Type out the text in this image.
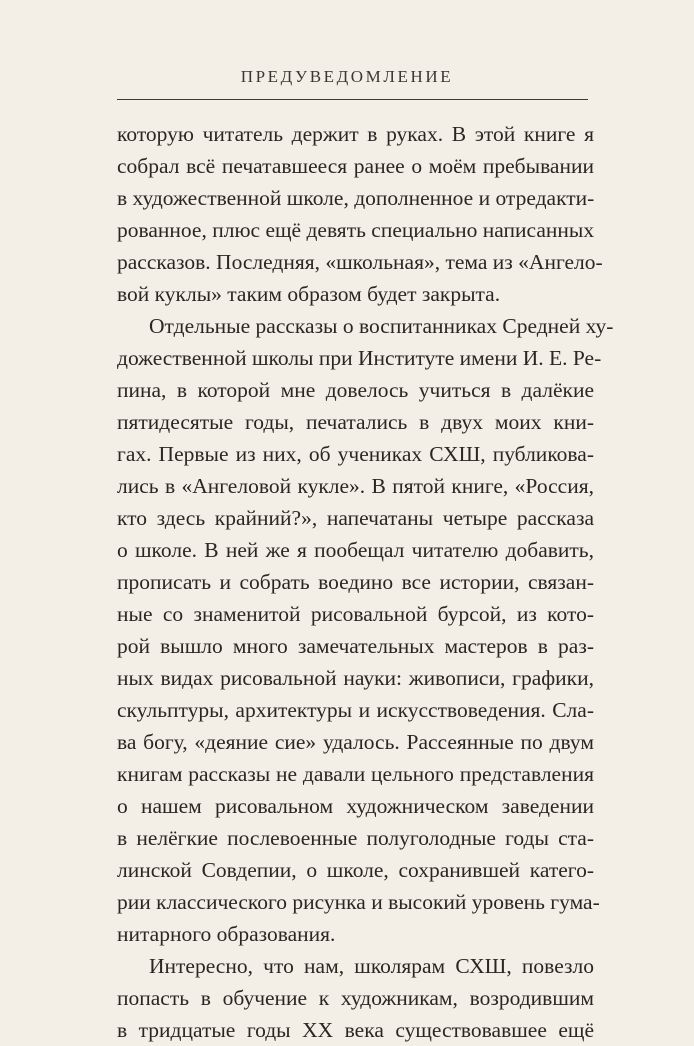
ПРЕДУВЕДОМЛЕНИЕ
которую читатель держит в руках. В этой книге я
собрал всё печатавшееся ранее о моём пребывании
в художественной школе, дополненное и отредакти-
рованное, плюс ещё девять специально написанных
рассказов. Последняя, «школьная», тема из «Ангело-
вой куклы» таким образом будет закрыта.
Отдельные рассказы о воспитанниках Средней ху-
дожественной школы при Институте имени И. Е. Ре-
пина, в которой мне довелось учиться в далёкие
пятидесятые годы, печатались в двух моих кни-
гах. Первые из них, об учениках СХШ, публикова-
лись в «Ангеловой кукле». В пятой книге, «Россия,
кто здесь крайний?», напечатаны четыре рассказа
о школе. В ней же я пообещал читателю добавить,
прописать и собрать воедино все истории, связан-
ные со знаменитой рисовальной бурсой, из кото-
рой вышло много замечательных мастеров в раз-
ных видах рисовальной науки: живописи, графики,
скульптуры, архитектуры и искусствоведения. Сла-
ва богу, «деяние сие» удалось. Рассеянные по двум
книгам рассказы не давали цельного представления
о нашем рисовальном художническом заведении
в нелёгкие послевоенные полуголодные годы ста-
линской Совдепии, о школе, сохранившей катего-
рии классического рисунка и высокий уровень гума-
нитарного образования.
Интересно, что нам, школярам СХШ, повезло
попасть в обучение к художникам, возродившим
в тридцатые годы XX века существовавшее ещё
